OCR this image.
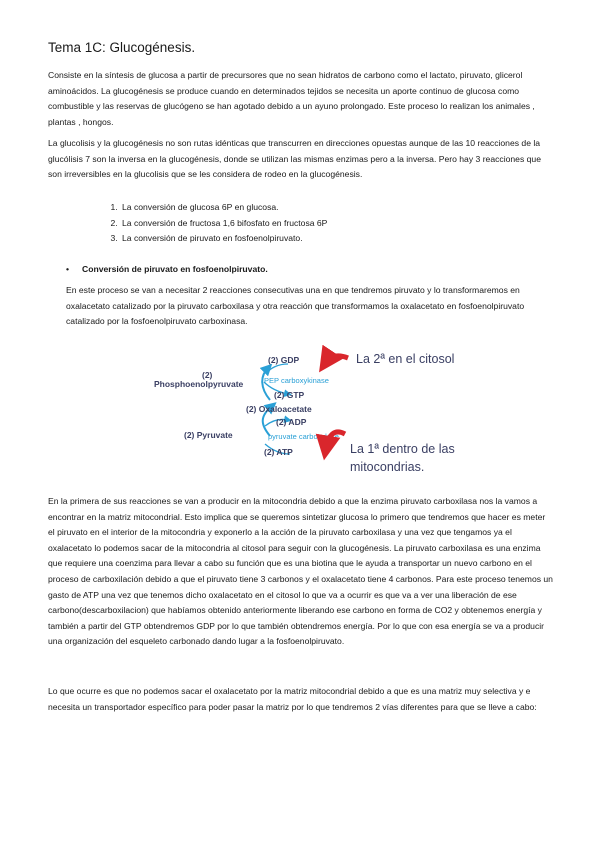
Tema 1C: Glucogénesis.

Consiste en la síntesis de glucosa a partir de precursores que no sean hidratos de carbono como el lactato, piruvato, glicerol aminoácidos. La glucogénesis se produce cuando en determinados tejidos se necesita un aporte continuo de glucosa como combustible y las reservas de glucógeno se han agotado debido a un ayuno prolongado. Este proceso lo realizan los animales , plantas , hongos.

La glucolisis y la glucogénesis no son rutas idénticas que transcurren en direcciones opuestas aunque de las 10 reacciones de la glucólisis 7 son la inversa en la glucogénesis, donde se utilizan las mismas enzimas pero a la inversa. Pero hay 3 reacciones que son irreversibles en la glucolisis que se les considera de rodeo en la glucogénesis.

1. La conversión de glucosa 6P en glucosa.
2. La conversión de fructosa 1,6 bifosfato en fructosa 6P
3. La conversión de piruvato en fosfoenolpiruvato.
• Conversión de piruvato en fosfoenolpiruvato.

En este proceso se van a necesitar 2 reacciones consecutivas una en que tendremos piruvato y lo transformaremos en oxalacetato catalizado por la piruvato carboxilasa y otra reacción que transformamos la oxalacetato en fosfoenolpiruvato catalizado por la fosfoenolpiruvato carboxinasa.

(2) GDP
(2)
Phosphoenolpyruvate	PEP carboxykinase
(2) GTP
(2) Oxaloacetate
(2) ADP
(2) Pyruvate	pyruvate carboxylase
(2) ATP
La 2ª en el citosol
La 1ª dentro de las
mitocondrias.

En la primera de sus reacciones se van a producir en la mitocondria debido a que la enzima piruvato carboxilasa nos la vamos a encontrar en la matriz mitocondrial. Esto implica que se queremos sintetizar glucosa lo primero que tendremos que hacer es meter el piruvato en el interior de la mitocondria y exponerlo a la acción de la piruvato carboxilasa y una vez que tengamos ya el oxalacetato lo podemos sacar de la mitocondria al citosol para seguir con la glucogénesis. La piruvato carboxilasa es una enzima que requiere una coenzima para llevar a cabo su función que es una biotina que le ayuda a transportar un nuevo carbono en el proceso de carboxilación debido a que el piruvato tiene 3 carbonos y el oxalacetato tiene 4 carbonos. Para este proceso tenemos un gasto de ATP una vez que tenemos dicho oxalacetato en el citosol lo que va a ocurrir es que va a ver una liberación de ese carbono(descarboxilacion) que habíamos obtenido anteriormente liberando ese carbono en forma de CO2 y obtenemos energía y también a partir del GTP obtendremos GDP por lo que también obtendremos energía. Por lo que con esa energía se va a producir una organización del esqueleto carbonado dando lugar a la fosfoenolpiruvato.

Lo que ocurre es que no podemos sacar el oxalacetato por la matriz mitocondrial debido a que es una matriz muy selectiva y e necesita un transportador específico para poder pasar la matriz por lo que tendremos 2 vías diferentes para que se lleve a cabo:
